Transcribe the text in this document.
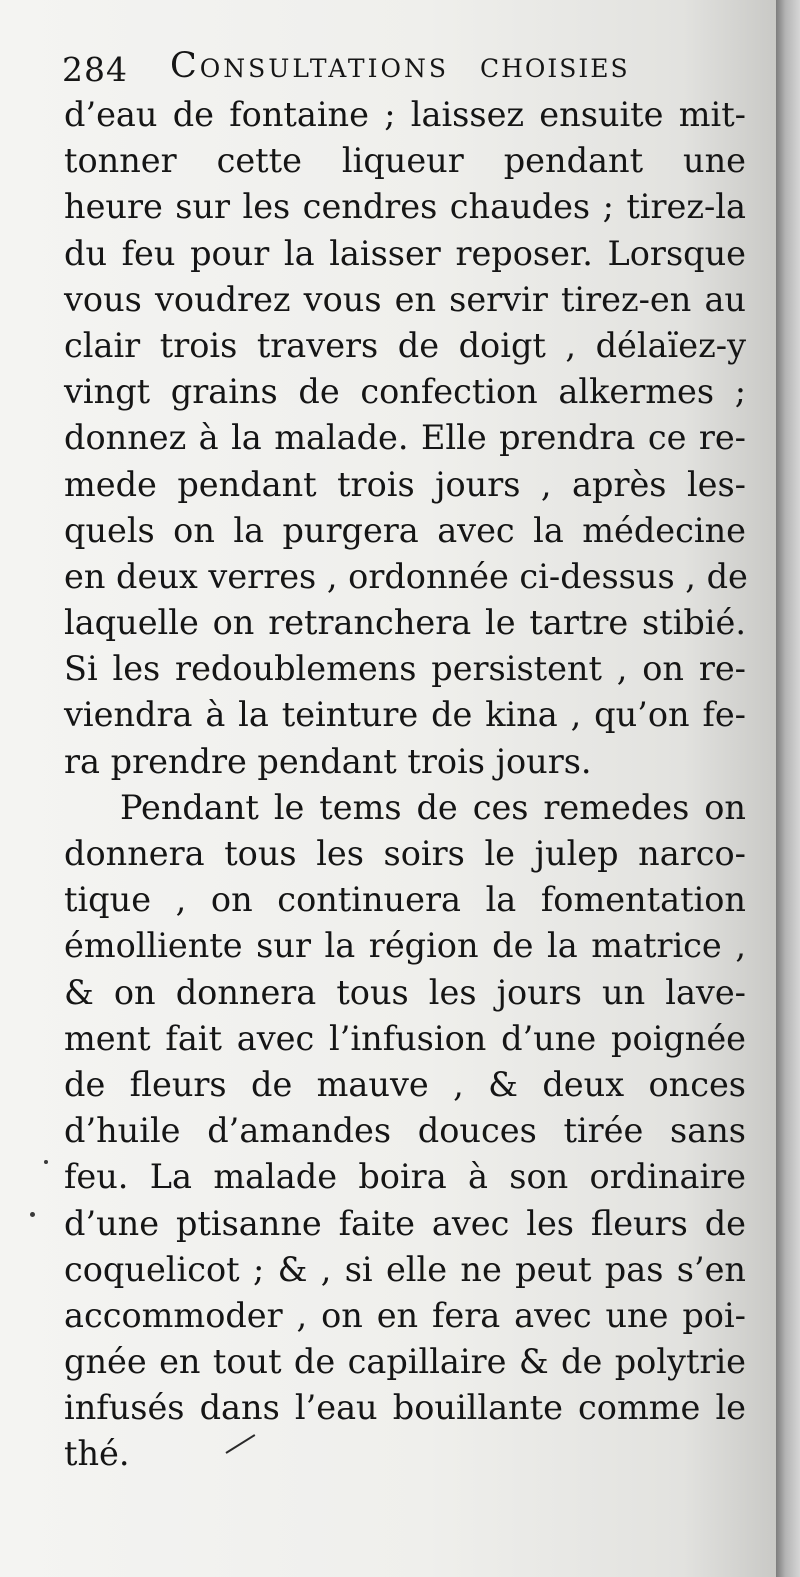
284 Consultations choisies
d’eau de fontaine ; laissez ensuite mit-
tonner cette liqueur pendant une
heure sur les cendres chaudes ; tirez-la
du feu pour la laisser reposer. Lorsque
vous voudrez vous en servir tirez-en au
clair trois travers de doigt , délaïez-y
vingt grains de confection alkermes ;
donnez à la malade. Elle prendra ce re-
mede pendant trois jours , après les-
quels on la purgera avec la médecine
en deux verres , ordonnée ci-dessus , de
laquelle on retranchera le tartre stibié.
Si les redoublemens persistent , on re-
viendra à la teinture de kina , qu’on fe-
ra prendre pendant trois jours.
Pendant le tems de ces remedes on
donnera tous les soirs le julep narco-
tique , on continuera la fomentation
émolliente sur la région de la matrice ,
& on donnera tous les jours un lave-
ment fait avec l’infusion d’une poignée
de fleurs de mauve , & deux onces
d’huile d’amandes douces tirée sans
feu. La malade boira à son ordinaire
d’une ptisanne faite avec les fleurs de
coquelicot ; & , si elle ne peut pas s’en
accommoder , on en fera avec une poi-
gnée en tout de capillaire & de polytrie
infusés dans l’eau bouillante comme le
thé.
